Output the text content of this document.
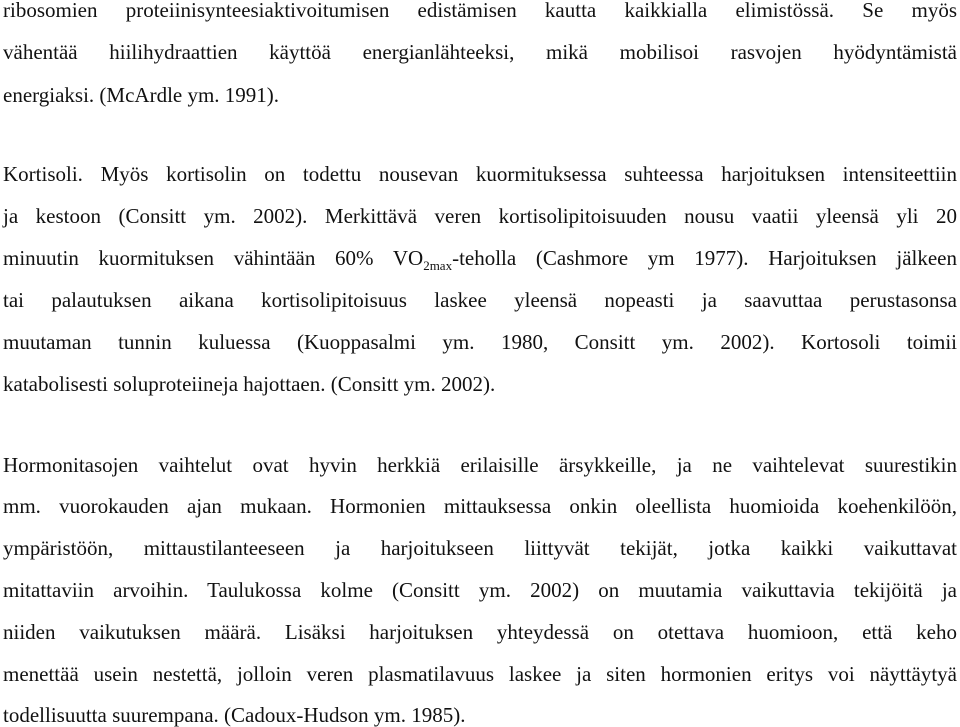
ribosomien proteiinisynteesiaktivoitumisen edistämisen kautta kaikkialla elimistössä. Se myös
vähentää hiilihydraattien käyttöä energianlähteeksi, mikä mobilisoi rasvojen hyödyntämistä
energiaksi. (McArdle ym. 1991).
Kortisoli. Myös kortisolin on todettu nousevan kuormituksessa suhteessa harjoituksen intensiteettiin
ja kestoon (Consitt ym. 2002). Merkittävä veren kortisolipitoisuuden nousu vaatii yleensä yli 20
minuutin kuormituksen vähintään 60% $VO_{2max}$-teholla (Cashmore ym 1977). Harjoituksen jälkeen
tai palautuksen aikana kortisolipitoisuus laskee yleensä nopeasti ja saavuttaa perustasonsa
muutaman tunnin kuluessa (Kuoppasalmi ym. 1980, Consitt ym. 2002). Kortosoli toimii
katabolisesti soluproteiineja hajottaen. (Consitt ym. 2002).
Hormonitasojen vaihtelut ovat hyvin herkkiä erilaisille ärsykkeille, ja ne vaihtelevat suurestikin
mm. vuorokauden ajan mukaan. Hormonien mittauksessa onkin oleellista huomioida koehenkilöön,
ympäristöön, mittaustilanteeseen ja harjoitukseen liittyvät tekijät, jotka kaikki vaikuttavat
mitattaviin arvoihin. Taulukossa kolme (Consitt ym. 2002) on muutamia vaikuttavia tekijöitä ja
niiden vaikutuksen määrä. Lisäksi harjoituksen yhteydessä on otettava huomioon, että keho
menettää usein nestettä, jolloin veren plasmatilavuus laskee ja siten hormonien eritys voi näyttäytyä
todellisuutta suurempana. (Cadoux-Hudson ym. 1985).
